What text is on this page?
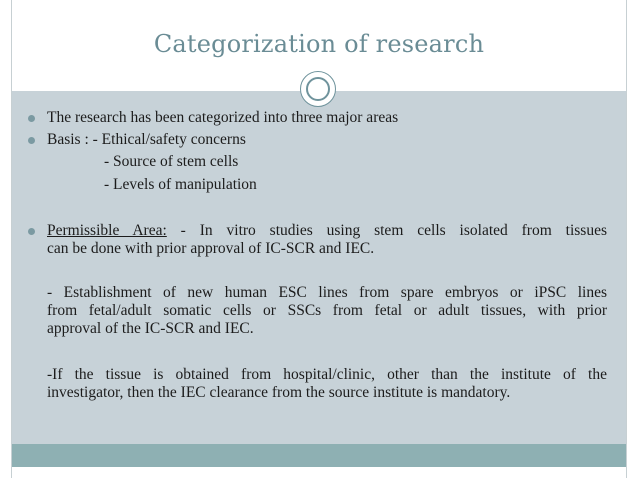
Categorization of research
The research has been categorized into three major areas
Basis : - Ethical/safety concerns
- Source of stem cells
- Levels of manipulation
Permissible Area: - In vitro studies using stem cells isolated from tissues
can be done with prior approval of IC-SCR and IEC.
- Establishment of new human ESC lines from spare embryos or iPSC lines
from fetal/adult somatic cells or SSCs from fetal or adult tissues, with prior
approval of the IC-SCR and IEC.
-If the tissue is obtained from hospital/clinic, other than the institute of the
investigator, then the IEC clearance from the source institute is mandatory.
